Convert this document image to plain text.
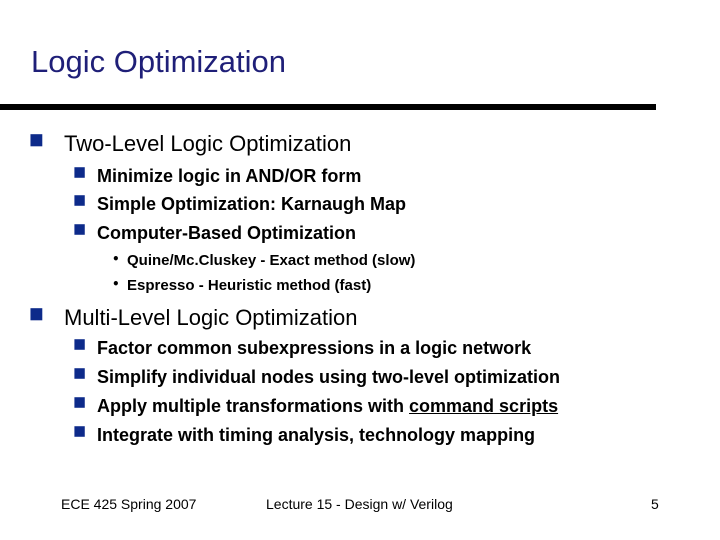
Logic Optimization
⯀ Two-Level Logic Optimization
⯀ Minimize logic in AND/OR form
⯀ Simple Optimization: Karnaugh Map
⯀ Computer-Based Optimization
• Quine/Mc.Cluskey - Exact method (slow)
• Espresso - Heuristic method (fast)
⯀ Multi-Level Logic Optimization
⯀ Factor common subexpressions in a logic network
⯀ Simplify individual nodes using two-level optimization
⯀ Apply multiple transformations with command scripts
⯀ Integrate with timing analysis, technology mapping
ECE 425 Spring 2007	Lecture 15 - Design w/ Verilog	5
